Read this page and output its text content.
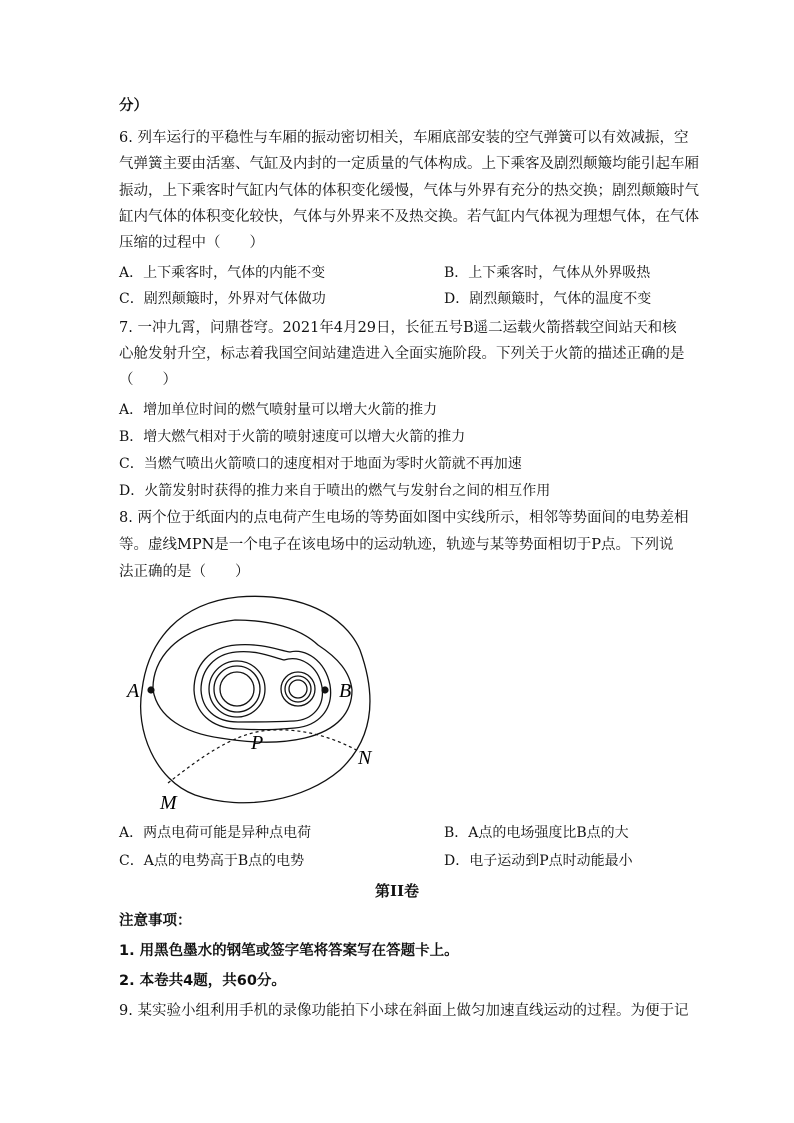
分）
6. 列车运行的平稳性与车厢的振动密切相关，车厢底部安装的空气弹簧可以有效减振，空
气弹簧主要由活塞、气缸及内封的一定质量的气体构成。上下乘客及剧烈颠簸均能引起车厢
振动，上下乘客时气缸内气体的体积变化缓慢，气体与外界有充分的热交换；剧烈颠簸时气
缸内气体的体积变化较快，气体与外界来不及热交换。若气缸内气体视为理想气体，在气体
压缩的过程中（　　）
A．上下乘客时，气体的内能不变	B．上下乘客时，气体从外界吸热
C．剧烈颠簸时，外界对气体做功	D．剧烈颠簸时，气体的温度不变
7. 一冲九霄，问鼎苍穹。2021年4月29日，长征五号B遥二运载火箭搭载空间站天和核
心舱发射升空，标志着我国空间站建造进入全面实施阶段。下列关于火箭的描述正确的是
（　　）
A．增加单位时间的燃气喷射量可以增大火箭的推力
B．增大燃气相对于火箭的喷射速度可以增大火箭的推力
C．当燃气喷出火箭喷口的速度相对于地面为零时火箭就不再加速
D．火箭发射时获得的推力来自于喷出的燃气与发射台之间的相互作用
8. 两个位于纸面内的点电荷产生电场的等势面如图中实线所示，相邻等势面间的电势差相
等。虚线MPN是一个电子在该电场中的运动轨迹，轨迹与某等势面相切于P点。下列说
法正确的是（　　）
A	B
P
N
M
A．两点电荷可能是异种点电荷	B．A点的电场强度比B点的大
C．A点的电势高于B点的电势	D．电子运动到P点时动能最小
第II卷
注意事项：
1. 用黑色墨水的钢笔或签字笔将答案写在答题卡上。
2. 本卷共4题，共60分。
9. 某实验小组利用手机的录像功能拍下小球在斜面上做匀加速直线运动的过程。为便于记
